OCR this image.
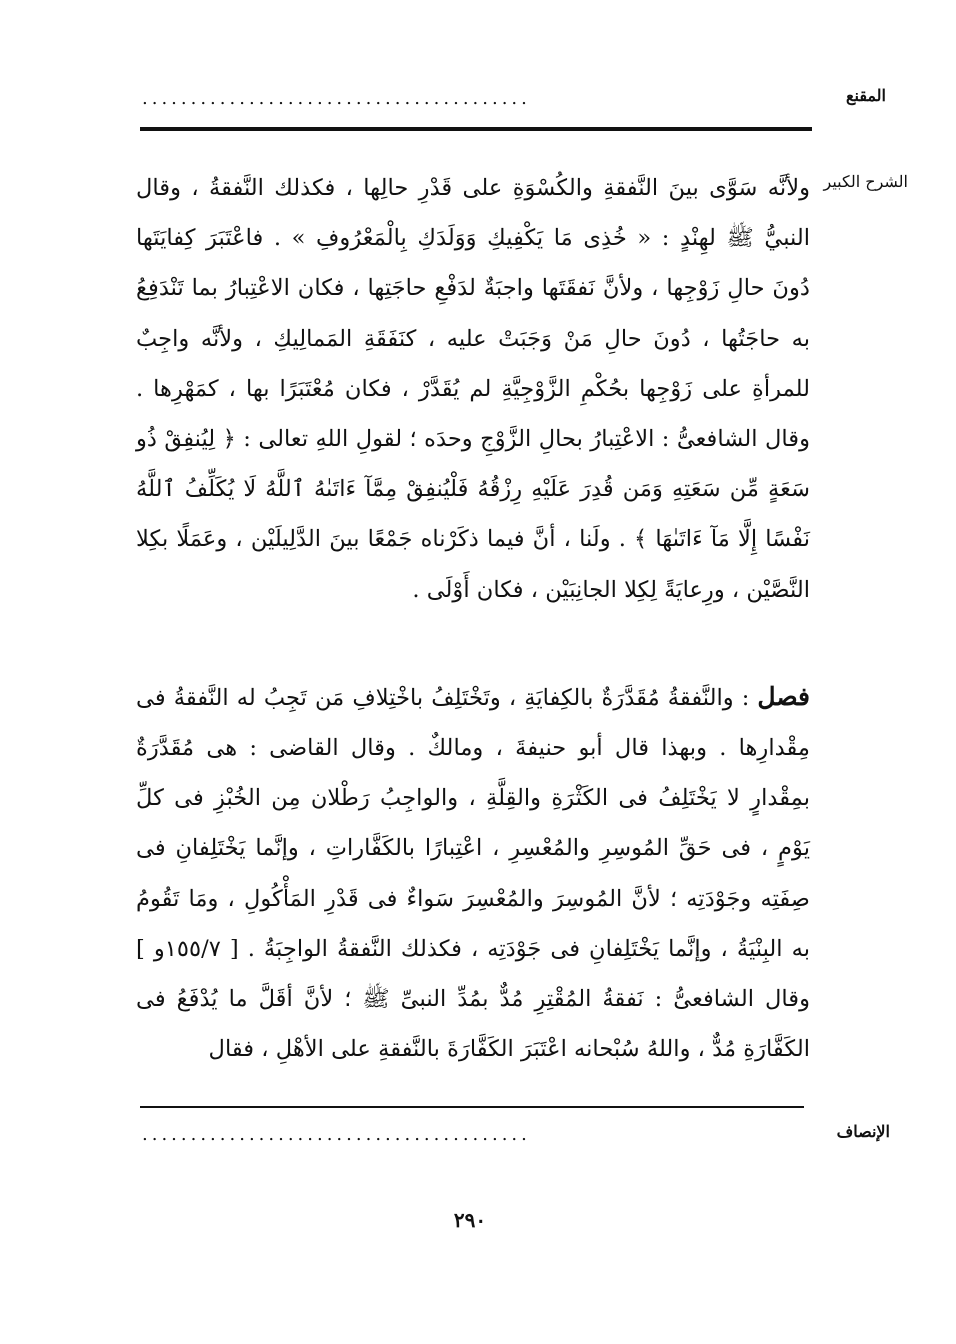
المقنع
........................................
الشرح الكبير

ولأنَّه سَوَّى بينَ النَّفقةِ والكُسْوَةِ على قَدْرِ حالِها ، فكذلك النَّفقةُ ، وقال النبيُّ ﷺ لهِنْدٍ : « خُذِى مَا يَكْفِيكِ وَوَلَدَكِ بِالْمَعْرُوفِ » . فاعْتَبَرَ كِفايَتَها دُونَ حالِ زَوْجِها ، ولأنَّ نَفقَتَها واجبَةٌ لدَفْعِ حاجَتِها ، فكان الاعْتِبارُ بما تَنْدَفِعُ به حاجَتُها ، دُونَ حالِ مَنْ وَجَبَتْ عليه ، كنَفَقَةِ المَمالِيكِ ، ولأنَّه واجِبٌ للمرأةِ على زَوْجِها بحُكْمِ الزَّوْجِيَّةِ لم يُقَدَّرْ ، فكان مُعْتَبَرًا بها ، كمَهْرِها . وقال الشافعىُّ : الاعْتِبارُ بحالِ الزَّوْجِ وحدَه ؛ لقولِ اللهِ تعالى : ﴿ لِيُنفِقْ ذُو سَعَةٍ مِّن سَعَتِهِ وَمَن قُدِرَ عَلَيْهِ رِزْقُهُ فَلْيُنفِقْ مِمَّآ ءَاتَىٰهُ ٱللَّهُ لَا يُكَلِّفُ ٱللَّهُ نَفْسًا إِلَّا مَآ ءَاتَىٰهَا ﴾ . ولَنا ، أنَّ فيما ذكَرْناه جَمْعًا بينَ الدَّلِيلَيْن ، وعَمَلًا بكِلا النَّصَّيْن ، ورِعايَةً لِكِلا الجانِبَيْن ، فكان أَوْلَى .

فصل : والنَّفقةُ مُقَدَّرَةٌ بالكِفايَةِ ، وتَخْتَلِفُ باخْتِلافِ مَن تَجِبُ له النَّفقةُ فى مِقْدارِها . وبهذا قال أبو حنيفةَ ، ومالكٌ . وقال القاضى : هى مُقَدَّرَةٌ بمِقْدارٍ لا يَخْتَلِفُ فى الكَثْرَةِ والقِلَّةِ ، والواجِبُ رَطْلان مِن الخُبْزِ فى كلِّ يَوْمٍ ، فى حَقِّ المُوسِرِ والمُعْسِرِ ، اعْتِبارًا بالكَفَّاراتِ ، وإنَّما يَخْتَلِفانِ فى صِفَتِه وجَوْدَتِه ؛ لأنَّ المُوسِرَ والمُعْسِرَ سَواءٌ فى قَدْرِ المَأْكُولِ ، ومَا تَقُومُ به البِنْيَةُ ، وإنَّما يَخْتَلِفانِ فى جَوْدَتِه ، فكذلك النَّفقةُ الواجِبَةُ . [ ١٥٥/٧و ] وقال الشافعىُّ : نَفقةُ المُقْتِرِ مُدٌّ بمُدِّ النبىِّ ﷺ ؛ لأنَّ أقَلَّ ما يُدْفَعُ فى الكَفَّارَةِ مُدٌّ ، واللهُ سُبْحانه اعْتَبَرَ الكَفَّارَةَ بالنَّفقةِ على الأهْلِ ، فقال

الإنصاف
........................................
٢٩٠
